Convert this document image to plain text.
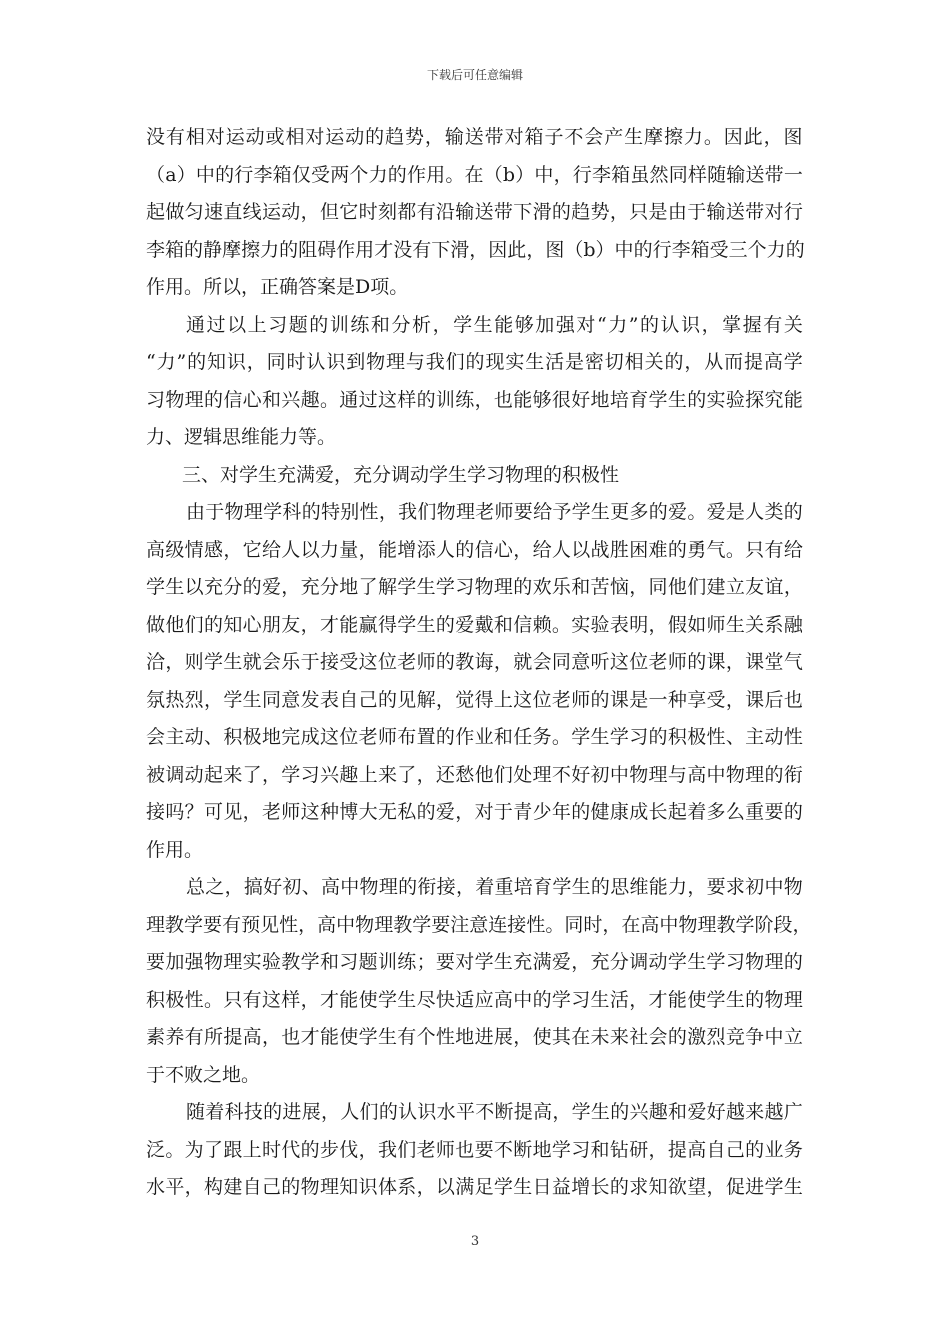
下载后可任意编辑
没 有 相 对 运 动 或 相 对 运 动 的 趋 势 ， 输 送 带 对 箱 子 不 会 产 生 摩 擦 力 。 因 此 ， 图
（ a ） 中 的 行 李 箱 仅 受 两 个 力 的 作 用 。 在 （ b ） 中 ， 行 李 箱 虽 然 同 样 随 输 送 带 一
起 做 匀 速 直 线 运 动 ， 但 它 时 刻 都 有 沿 输 送 带 下 滑 的 趋 势 ， 只 是 由 于 输 送 带 对 行
李 箱 的 静 摩 擦 力 的 阻 碍 作 用 才 没 有 下 滑 ， 因 此 ， 图 （ b ） 中 的 行 李 箱 受 三 个 力 的
作用。所以，正确答案是D项。
通 过 以 上 习 题 的 训 练 和 分 析 ， 学 生 能 够 加 强 对 “ 力 ” 的 认 识 ， 掌 握 有 关
“ 力 ” 的 知 识 ， 同 时 认 识 到 物 理 与 我 们 的 现 实 生 活 是 密 切 相 关 的 ， 从 而 提 高 学
习 物 理 的 信 心 和 兴 趣 。 通 过 这 样 的 训 练 ， 也 能 够 很 好 地 培 育 学 生 的 实 验 探 究 能
力、逻辑思维能力等。
三、对学生充满爱，充分调动学生学习物理的积极性
由 于 物 理 学 科 的 特 别 性 ， 我 们 物 理 老 师 要 给 予 学 生 更 多 的 爱 。 爱 是 人 类 的
高 级 情 感 ， 它 给 人 以 力 量 ， 能 增 添 人 的 信 心 ， 给 人 以 战 胜 困 难 的 勇 气 。 只 有 给
学 生 以 充 分 的 爱 ， 充 分 地 了 解 学 生 学 习 物 理 的 欢 乐 和 苦 恼 ， 同 他 们 建 立 友 谊 ，
做 他 们 的 知 心 朋 友 ， 才 能 赢 得 学 生 的 爱 戴 和 信 赖 。 实 验 表 明 ， 假 如 师 生 关 系 融
洽 ， 则 学 生 就 会 乐 于 接 受 这 位 老 师 的 教 诲 ， 就 会 同 意 听 这 位 老 师 的 课 ， 课 堂 气
氛 热 烈 ， 学 生 同 意 发 表 自 己 的 见 解 ， 觉 得 上 这 位 老 师 的 课 是 一 种 享 受 ， 课 后 也
会 主 动 、 积 极 地 完 成 这 位 老 师 布 置 的 作 业 和 任 务 。 学 生 学 习 的 积 极 性 、 主 动 性
被 调 动 起 来 了 ， 学 习 兴 趣 上 来 了 ， 还 愁 他 们 处 理 不 好 初 中 物 理 与 高 中 物 理 的 衔
接 吗 ？ 可 见 ， 老 师 这 种 博 大 无 私 的 爱 ， 对 于 青 少 年 的 健 康 成 长 起 着 多 么 重 要 的
作用。
总 之 ， 搞 好 初 、 高 中 物 理 的 衔 接 ， 着 重 培 育 学 生 的 思 维 能 力 ， 要 求 初 中 物
理 教 学 要 有 预 见 性 ， 高 中 物 理 教 学 要 注 意 连 接 性 。 同 时 ， 在 高 中 物 理 教 学 阶 段 ，
要 加 强 物 理 实 验 教 学 和 习 题 训 练 ； 要 对 学 生 充 满 爱 ， 充 分 调 动 学 生 学 习 物 理 的
积 极 性 。 只 有 这 样 ， 才 能 使 学 生 尽 快 适 应 高 中 的 学 习 生 活 ， 才 能 使 学 生 的 物 理
素 养 有 所 提 高 ， 也 才 能 使 学 生 有 个 性 地 进 展 ， 使 其 在 未 来 社 会 的 激 烈 竞 争 中 立
于不败之地。
随 着 科 技 的 进 展 ， 人 们 的 认 识 水 平 不 断 提 高 ， 学 生 的 兴 趣 和 爱 好 越 来 越 广
泛 。 为 了 跟 上 时 代 的 步 伐 ， 我 们 老 师 也 要 不 断 地 学 习 和 钻 研 ， 提 高 自 己 的 业 务
水 平 ， 构 建 自 己 的 物 理 知 识 体 系 ， 以 满 足 学 生 日 益 增 长 的 求 知 欲 望 ， 促 进 学 生
3
